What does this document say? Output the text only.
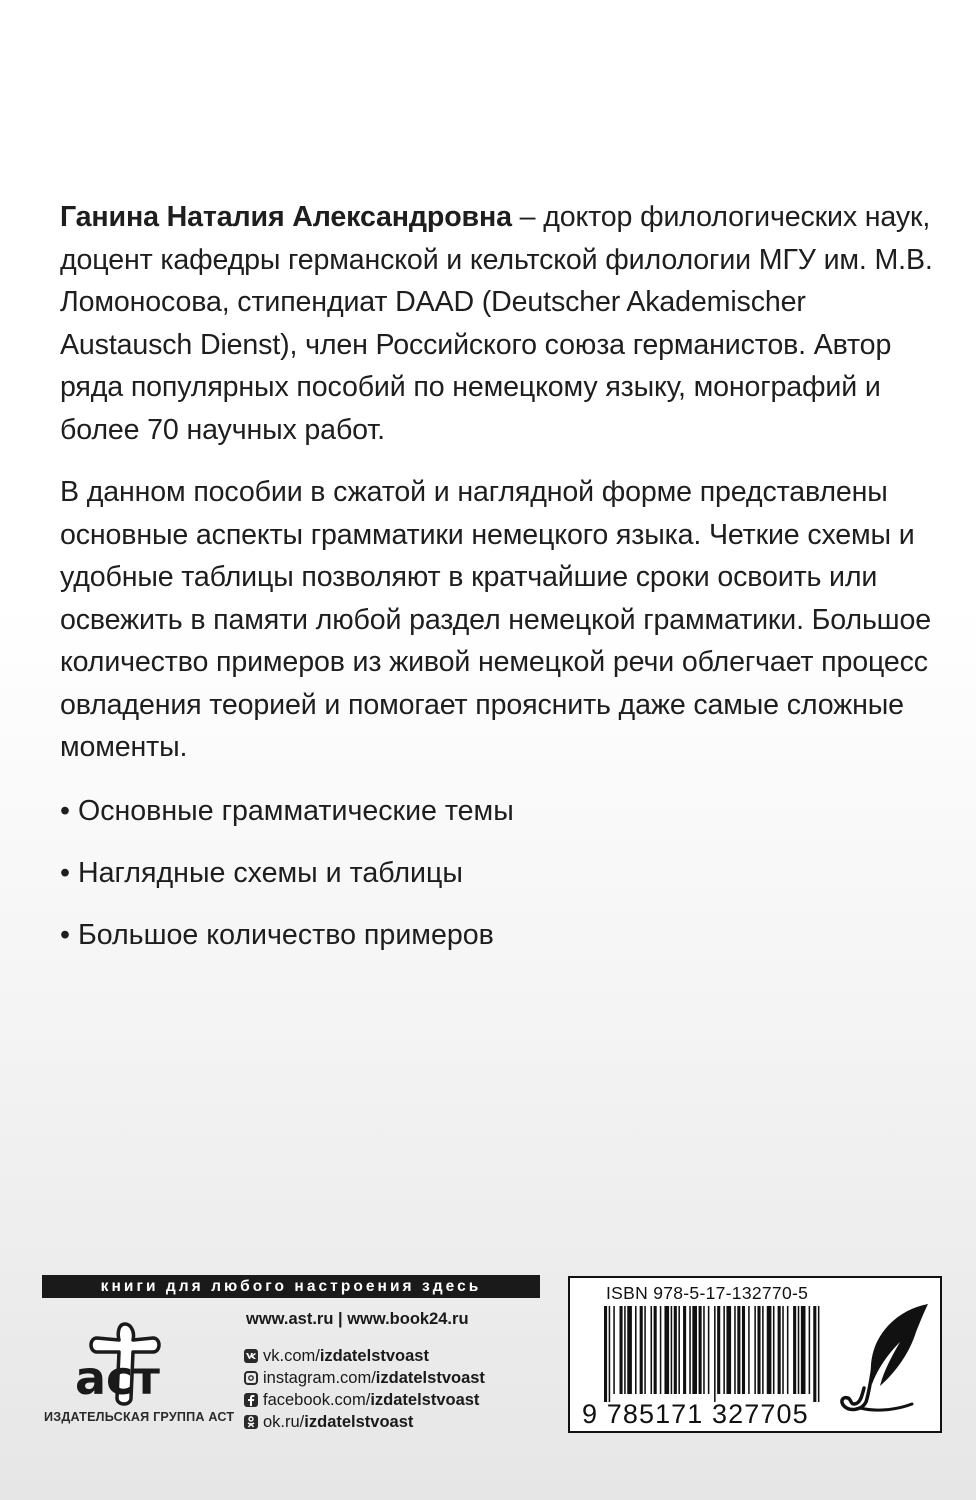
Ганина Наталия Александровна – доктор филологических наук, доцент кафедры германской и кельтской филологии МГУ им. М.В. Ломоносова, стипендиат DAAD (Deutscher Akademischer Austausch Dienst), член Российского союза германистов. Автор ряда популярных пособий по немецкому языку, монографий и более 70 научных работ.

В данном пособии в сжатой и наглядной форме представлены основные аспекты грамматики немецкого языка. Четкие схемы и удобные таблицы позволяют в кратчайшие сроки освоить или освежить в памяти любой раздел немецкой грамматики. Большое количество примеров из живой немецкой речи облегчает процесс овладения теорией и помогает прояснить даже самые сложные моменты.

• Основные грамматические темы
• Наглядные схемы и таблицы
• Большое количество примеров
книги для любого настроения здесь
аст
ИЗДАТЕЛЬСКАЯ ГРУППА АСТ
www.ast.ru | www.book24.ru
vk.com/ izdatelstvoast
instagram.com/ izdatelstvoast
facebook.com/ izdatelstvoast
ok.ru/ izdatelstvoast
ISBN 978-5-17-132770-5
9 785171 327705
